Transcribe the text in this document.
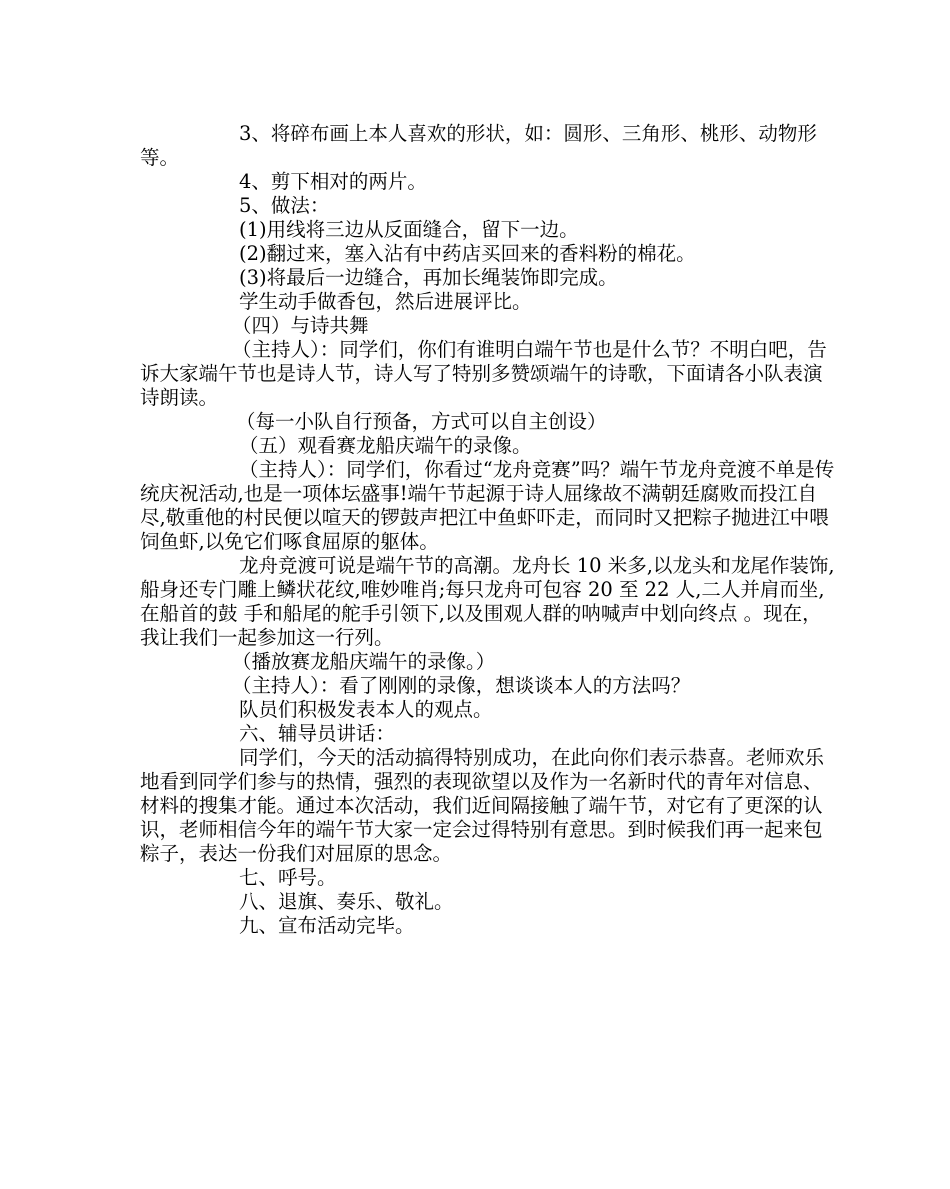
3、将碎布画上本人喜欢的形状，如：圆形、三角形、桃形、动物形等。

4、剪下相对的两片。

5、做法：

(1)用线将三边从反面缝合，留下一边。

(2)翻过来，塞入沾有中药店买回来的香料粉的棉花。

(3)将最后一边缝合，再加长绳装饰即完成。

学生动手做香包，然后进展评比。

（四）与诗共舞

（主持人）：同学们，你们有谁明白端午节也是什么节？不明白吧，告诉大家端午节也是诗人节，诗人写了特别多赞颂端午的诗歌，下面请各小队表演诗朗读。

（每一小队自行预备，方式可以自主创设）

（五）观看赛龙船庆端午的录像。

（主持人）：同学们，你看过“龙舟竞赛”吗？端午节龙舟竞渡不单是传统庆祝活动,也是一项体坛盛事!端午节起源于诗人屈缘故不满朝廷腐败而投江自尽,敬重他的村民便以喧天的锣鼓声把江中鱼虾吓走，而同时又把粽子抛进江中喂饲鱼虾,以免它们啄食屈原的躯体。

龙舟竞渡可说是端午节的高潮。龙舟长 10 米多,以龙头和龙尾作装饰,船身还专门雕上鳞状花纹,唯妙唯肖;每只龙舟可包容 20 至 22 人,二人并肩而坐,在船首的鼓 手和船尾的舵手引领下,以及围观人群的呐喊声中划向终点 。现在，我让我们一起参加这一行列。

（播放赛龙船庆端午的录像。）

（主持人）：看了刚刚的录像，想谈谈本人的方法吗？

队员们积极发表本人的观点。

六、辅导员讲话：

同学们，今天的活动搞得特别成功，在此向你们表示恭喜。老师欢乐地看到同学们参与的热情，强烈的表现欲望以及作为一名新时代的青年对信息、材料的搜集才能。通过本次活动，我们近间隔接触了端午节，对它有了更深的认识，老师相信今年的端午节大家一定会过得特别有意思。到时候我们再一起来包粽子，表达一份我们对屈原的思念。

七、呼号。

八、退旗、奏乐、敬礼。

九、宣布活动完毕。
